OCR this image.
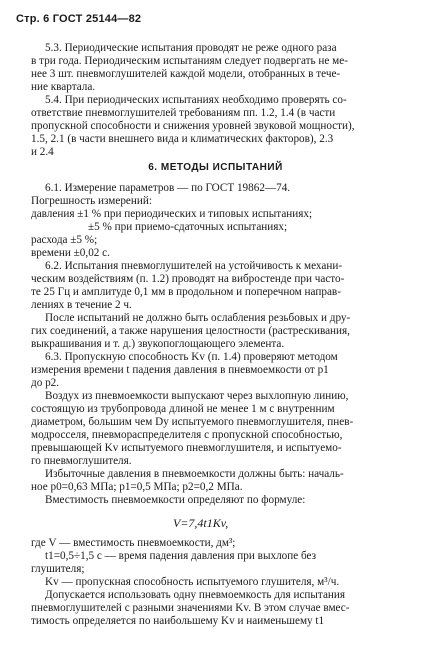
Стр. 6 ГОСТ 25144—82
5.3. Периодические испытания проводят не реже одного раза
в три года. Периодическим испытаниям следует подвергать не ме-
нее 3 шт. пневмоглушителей каждой модели, отобранных в тече-
ние квартала.
5.4. При периодических испытаниях необходимо проверять со-
ответствие пневмоглушителей требованиям пп. 1.2, 1.4 (в части
пропускной способности и снижения уровней звуковой мощности),
1.5, 2.1 (в части внешнего вида и климатических факторов), 2.3
и 2.4
6. МЕТОДЫ ИСПЫТАНИЙ
6.1. Измерение параметров — по ГОСТ 19862—74.
Погрешность измерений:
давления ±1 % при периодических и типовых испытаниях;
±5 % при приемо-сдаточных испытаниях;
расхода ±5 %;
времени ±0,02 с.
6.2. Испытания пневмоглушителей на устойчивость к механи-
ческим воздействиям (п. 1.2) проводят на вибростенде при часто-
те 25 Гц и амплитуде 0,1 мм в продольном и поперечном направ-
лениях в течение 2 ч.
После испытаний не должно быть ослабления резьбовых и дру-
гих соединений, а также нарушения целостности (растрескивания,
выкрашивания и т. д.) звукопоглощающего элемента.
6.3. Пропускную способность Kv (п. 1.4) проверяют методом
измерения времени t падения давления в пневмоемкости от p1
до p2.
Воздух из пневмоемкости выпускают через выхлопную линию,
состоящую из трубопровода длиной не менее 1 м с внутренним
диаметром, большим чем Dy испытуемого пневмоглушителя, пнев-
модросселя, пневмораспределителя с пропускной способностью,
превышающей Kv испытуемого пневмоглушителя, и испытуемо-
го пневмоглушителя.
Избыточные давления в пневмоемкости должны быть: началь-
ное p0=0,63 МПа; p1=0,5 МПа; p2=0,2 МПа.
Вместимость пневмоемкости определяют по формуле:
V=7,4t1Kv,
где V — вместимость пневмоемкости, дм³;
t1=0,5÷1,5 с — время падения давления при выхлопе без
глушителя;
Kv — пропускная способность испытуемого глушителя, м³/ч.
Допускается использовать одну пневмоемкость для испытания
пневмоглушителей с разными значениями Kv. В этом случае вмес-
тимость определяется по наибольшему Kv и наименьшему t1
